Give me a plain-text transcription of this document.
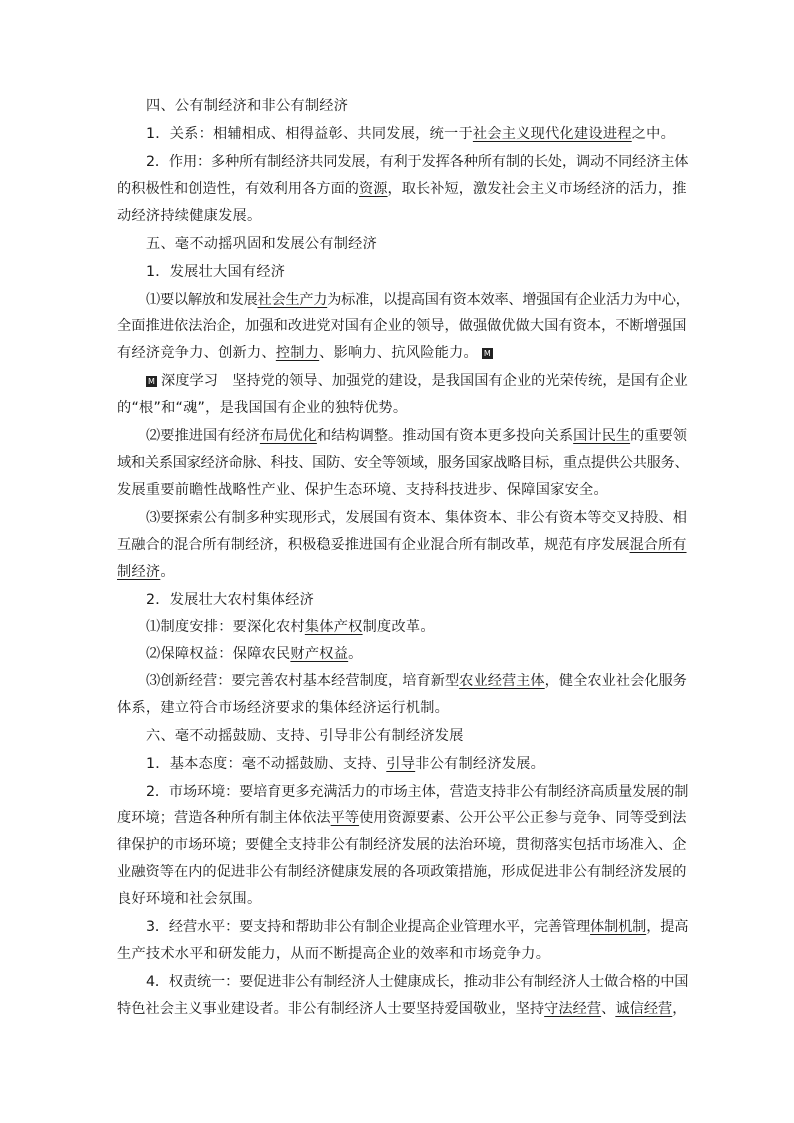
四、公有制经济和非公有制经济

1．关系：相辅相成、相得益彰、共同发展，统一于社会主义现代化建设进程之中。

2．作用：多种所有制经济共同发展，有利于发挥各种所有制的长处，调动不同经济主体

的积极性和创造性，有效利用各方面的资源，取长补短，激发社会主义市场经济的活力，推

动经济持续健康发展。

五、毫不动摇巩固和发展公有制经济

1．发展壮大国有经济

⑴要以解放和发展社会生产力为标准，以提高国有资本效率、增强国有企业活力为中心，

全面推进依法治企，加强和改进党对国有企业的领导，做强做优做大国有资本，不断增强国

有经济竞争力、创新力、控制力、影响力、抗风险能力。 M

M 深度学习　坚持党的领导、加强党的建设，是我国国有企业的光荣传统，是国有企业

的“根”和“魂”，是我国国有企业的独特优势。

⑵要推进国有经济布局优化和结构调整。推动国有资本更多投向关系国计民生的重要领

域和关系国家经济命脉、科技、国防、安全等领域，服务国家战略目标，重点提供公共服务、

发展重要前瞻性战略性产业、保护生态环境、支持科技进步、保障国家安全。

⑶要探索公有制多种实现形式，发展国有资本、集体资本、非公有资本等交叉持股、相

互融合的混合所有制经济，积极稳妥推进国有企业混合所有制改革，规范有序发展混合所有

制经济。

2．发展壮大农村集体经济

⑴制度安排：要深化农村集体产权制度改革。

⑵保障权益：保障农民财产权益。

⑶创新经营：要完善农村基本经营制度，培育新型农业经营主体，健全农业社会化服务

体系，建立符合市场经济要求的集体经济运行机制。

六、毫不动摇鼓励、支持、引导非公有制经济发展

1．基本态度：毫不动摇鼓励、支持、引导非公有制经济发展。

2．市场环境：要培育更多充满活力的市场主体，营造支持非公有制经济高质量发展的制

度环境；营造各种所有制主体依法平等使用资源要素、公开公平公正参与竞争、同等受到法

律保护的市场环境；要健全支持非公有制经济发展的法治环境，贯彻落实包括市场准入、企

业融资等在内的促进非公有制经济健康发展的各项政策措施，形成促进非公有制经济发展的

良好环境和社会氛围。

3．经营水平：要支持和帮助非公有制企业提高企业管理水平，完善管理体制机制，提高

生产技术水平和研发能力，从而不断提高企业的效率和市场竞争力。

4．权责统一：要促进非公有制经济人士健康成长，推动非公有制经济人士做合格的中国

特色社会主义事业建设者。非公有制经济人士要坚持爱国敬业，坚持守法经营、诚信经营，
